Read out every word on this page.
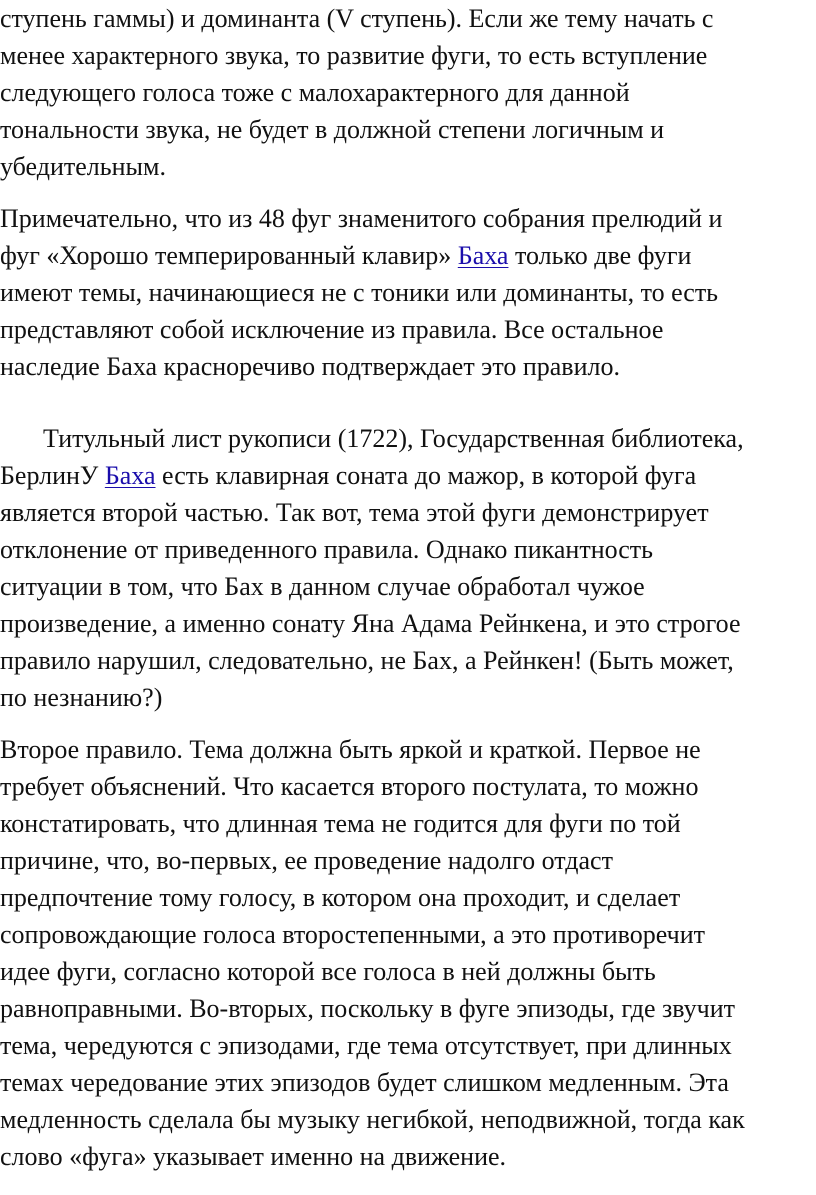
ступень гаммы) и доминанта (V ступень). Если же тему начать с
менее характерного звука, то развитие фуги, то есть вступление
следующего голоса тоже с малохарактерного для данной
тональности звука, не будет в должной степени логичным и
убедительным.
Примечательно, что из 48 фуг знаменитого собрания прелюдий и
фуг «Хорошо темперированный клавир» Баха только две фуги
имеют темы, начинающиеся не с тоники или доминанты, то есть
представляют собой исключение из правила. Все остальное
наследие Баха красноречиво подтверждает это правило.
Титульный лист рукописи (1722), Государственная библиотека,
БерлинУ Баха есть клавирная соната до мажор, в которой фуга
является второй частью. Так вот, тема этой фуги демонстрирует
отклонение от приведенного правила. Однако пикантность
ситуации в том, что Бах в данном случае обработал чужое
произведение, а именно сонату Яна Адама Рейнкена, и это строгое
правило нарушил, следовательно, не Бах, а Рейнкен! (Быть может,
по незнанию?)
Второе правило. Тема должна быть яркой и краткой. Первое не
требует объяснений. Что касается второго постулата, то можно
констатировать, что длинная тема не годится для фуги по той
причине, что, во-первых, ее проведение надолго отдаст
предпочтение тому голосу, в котором она проходит, и сделает
сопровождающие голоса второстепенными, а это противоречит
идее фуги, согласно которой все голоса в ней должны быть
равноправными. Во-вторых, поскольку в фуге эпизоды, где звучит
тема, чередуются с эпизодами, где тема отсутствует, при длинных
темах чередование этих эпизодов будет слишком медленным. Эта
медленность сделала бы музыку негибкой, неподвижной, тогда как
слово «фуга» указывает именно на движение.
